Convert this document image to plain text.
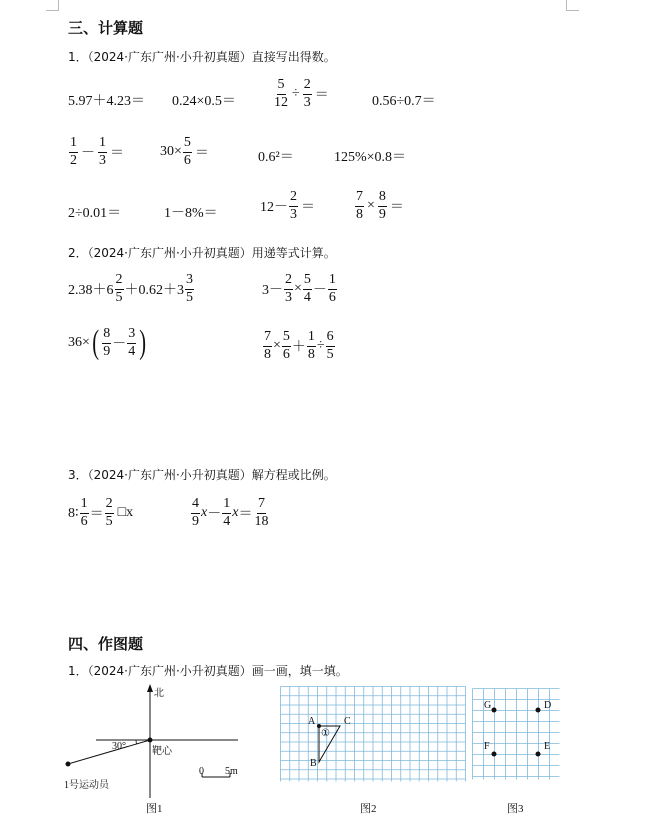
三、计算题
1．（2024·广东广州·小升初真题）直接写出得数。
5.97＋4.23＝ 0.24×0.5＝	$\frac{5}{12} \div \frac{2}{3}$ ＝	0.56÷0.7＝
$\frac{1}{2} - \frac{1}{3}$ ＝	$30\times \frac{5}{6}$ ＝	0.6²＝	125%×0.8＝
2÷0.01＝	1－8%＝	$12- \frac{2}{3}$ ＝	$\frac{7}{8} \times \frac{8}{9}$ ＝
2．（2024·广东广州·小升初真题）用递等式计算。
$2.38+6 \frac{2}{5} +0.62+3 \frac{3}{5}$	$3- \frac{2}{3} \times \frac{5}{4} - \frac{1}{6}$
36× ( $\frac{8}{9} - \frac{3}{4}$ )	$\frac{7}{8} \times \frac{5}{6} + \frac{1}{8} \div \frac{6}{5}$
3．（2024·广东广州·小升初真题）解方程或比例。
8∶ $\frac{1}{6} = \frac{2}{5}$ □x	$\frac{4}{9}$ $x - \frac{1}{4}$ $x = \frac{7}{18}$
四、作图题
1．（2024·广东广州·小升初真题）画一画，填一填。
北
30°	靶心
1号运动员
0 5m
图1
A	C
①
B
图2
G	D
F	E
图3
